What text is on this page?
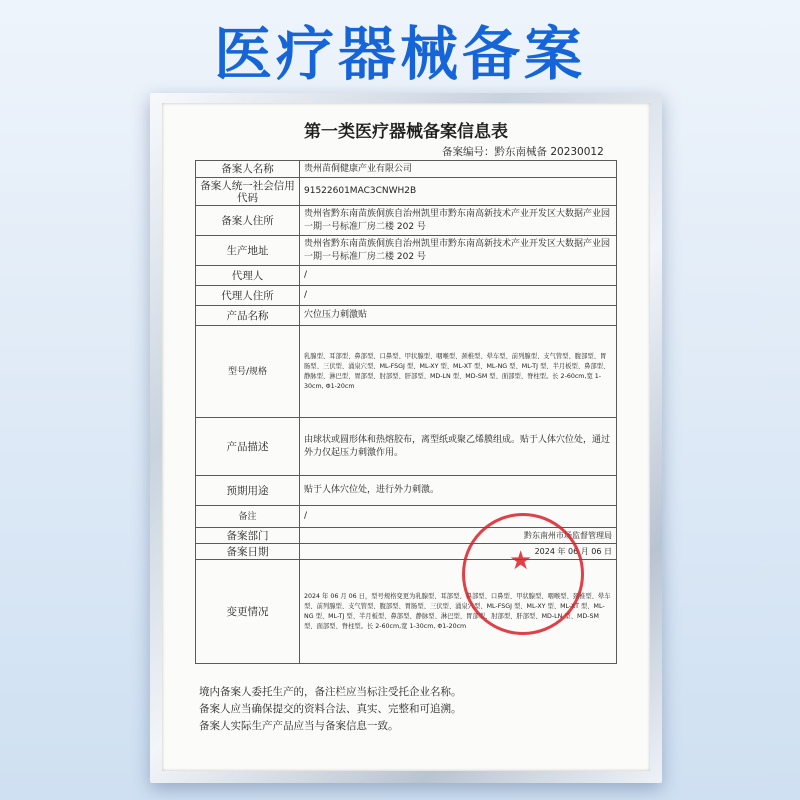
医疗器械备案
第一类医疗器械备案信息表
备案编号：黔东南械备 20230012
备案人名称	贵州苗侗健康产业有限公司
备案人统一社会信用代码	91522601MAC3CNWH2B
备案人住所	贵州省黔东南苗族侗族自治州凯里市黔东南高新技术产业开发区大数据产业园一期一号标准厂房二楼 202 号
生产地址	贵州省黔东南苗族侗族自治州凯里市黔东南高新技术产业开发区大数据产业园一期一号标准厂房二楼 202 号
代理人	/
代理人住所	/
产品名称	穴位压力刺激贴
型号/规格	乳腺型、耳部型、鼻部型、口鼻型、甲状腺型、咽喉型、颈椎型、晕车型、前列腺型、支气管型、腹部型、胃肠型、三伏型、涌泉穴型、ML-FSGJ 型、ML-XY 型、ML-XT 型、ML-NG 型、ML-TJ 型、半月板型、鼻部型、静脉型、淋巴型、胃部型、肘部型、肝部型、MD-LN 型、MD-SM 型、面部型、脊柱型。长 2-60cm,宽 1-30cm, Φ1-20cm
产品描述	由球状或圆形体和热熔胶布，离型纸或聚乙烯膜组成。贴于人体穴位处，通过外力仅起压力刺激作用。
预期用途	贴于人体穴位处，进行外力刺激。
备注	/
备案部门	黔东南州市场监督管理局
备案日期	2024 年 06 月 06 日
变更情况	2024 年 06 月 06 日，型号规格变更为乳腺型、耳部型、鼻部型、口鼻型、甲状腺型、咽喉型、颈椎型、晕车型、前列腺型、支气管型、腹部型、胃肠型、三伏型、涌泉穴型、ML-FSGJ 型、ML-XY 型、ML-XT 型、ML-NG 型、ML-TJ 型、半月板型、鼻部型、静脉型、淋巴型、胃部型、肘部型、肝部型、MD-LN 型、MD-SM 型、面部型、脊柱型。长 2-60cm,宽 1-30cm, Φ1-20cm
境内备案人委托生产的，备注栏应当标注受托企业名称。
备案人应当确保提交的资料合法、真实、完整和可追溯。
备案人实际生产产品应当与备案信息一致。
★
